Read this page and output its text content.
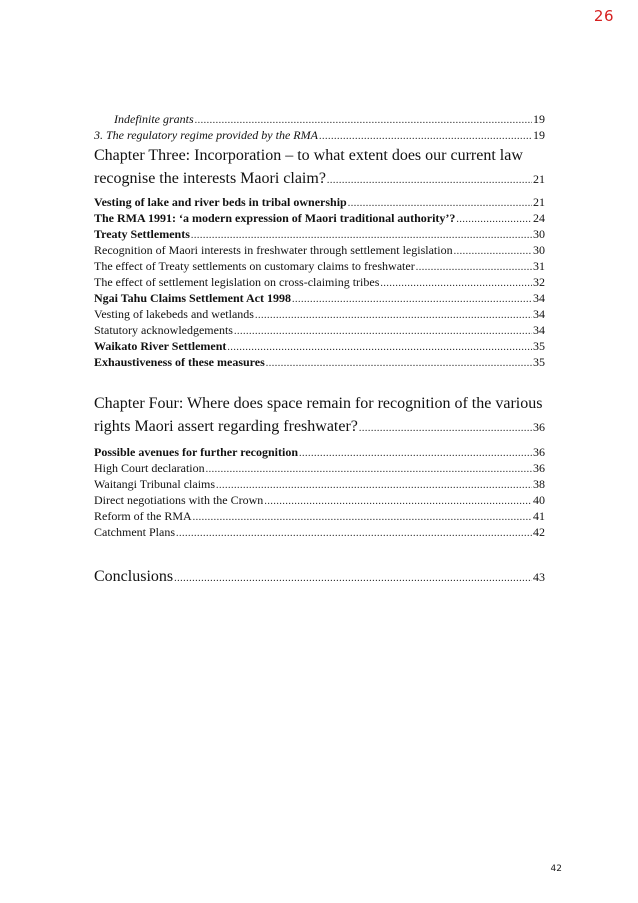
26
Indefinite grants .....	19
3. The regulatory regime provided by the RMA .....	19
Chapter Three: Incorporation – to what extent does our current law
recognise the interests Maori claim? .....	21
Vesting of lake and river beds in tribal ownership .....	21
The RMA 1991: ‘a modern expression of Maori traditional authority’? .....	24
Treaty Settlements .....	30
Recognition of Maori interests in freshwater through settlement legislation .....	30
The effect of Treaty settlements on customary claims to freshwater .....	31
The effect of settlement legislation on cross-claiming tribes .....	32
Ngai Tahu Claims Settlement Act 1998 .....	34
Vesting of lakebeds and wetlands .....	34
Statutory acknowledgements .....	34
Waikato River Settlement .....	35
Exhaustiveness of these measures .....	35
Chapter Four: Where does space remain for recognition of the various
rights Maori assert regarding freshwater? .....	36
Possible avenues for further recognition .....	36
High Court declaration .....	36
Waitangi Tribunal claims .....	38
Direct negotiations with the Crown .....	40
Reform of the RMA .....	41
Catchment Plans .....	42
Conclusions .....	43
42
